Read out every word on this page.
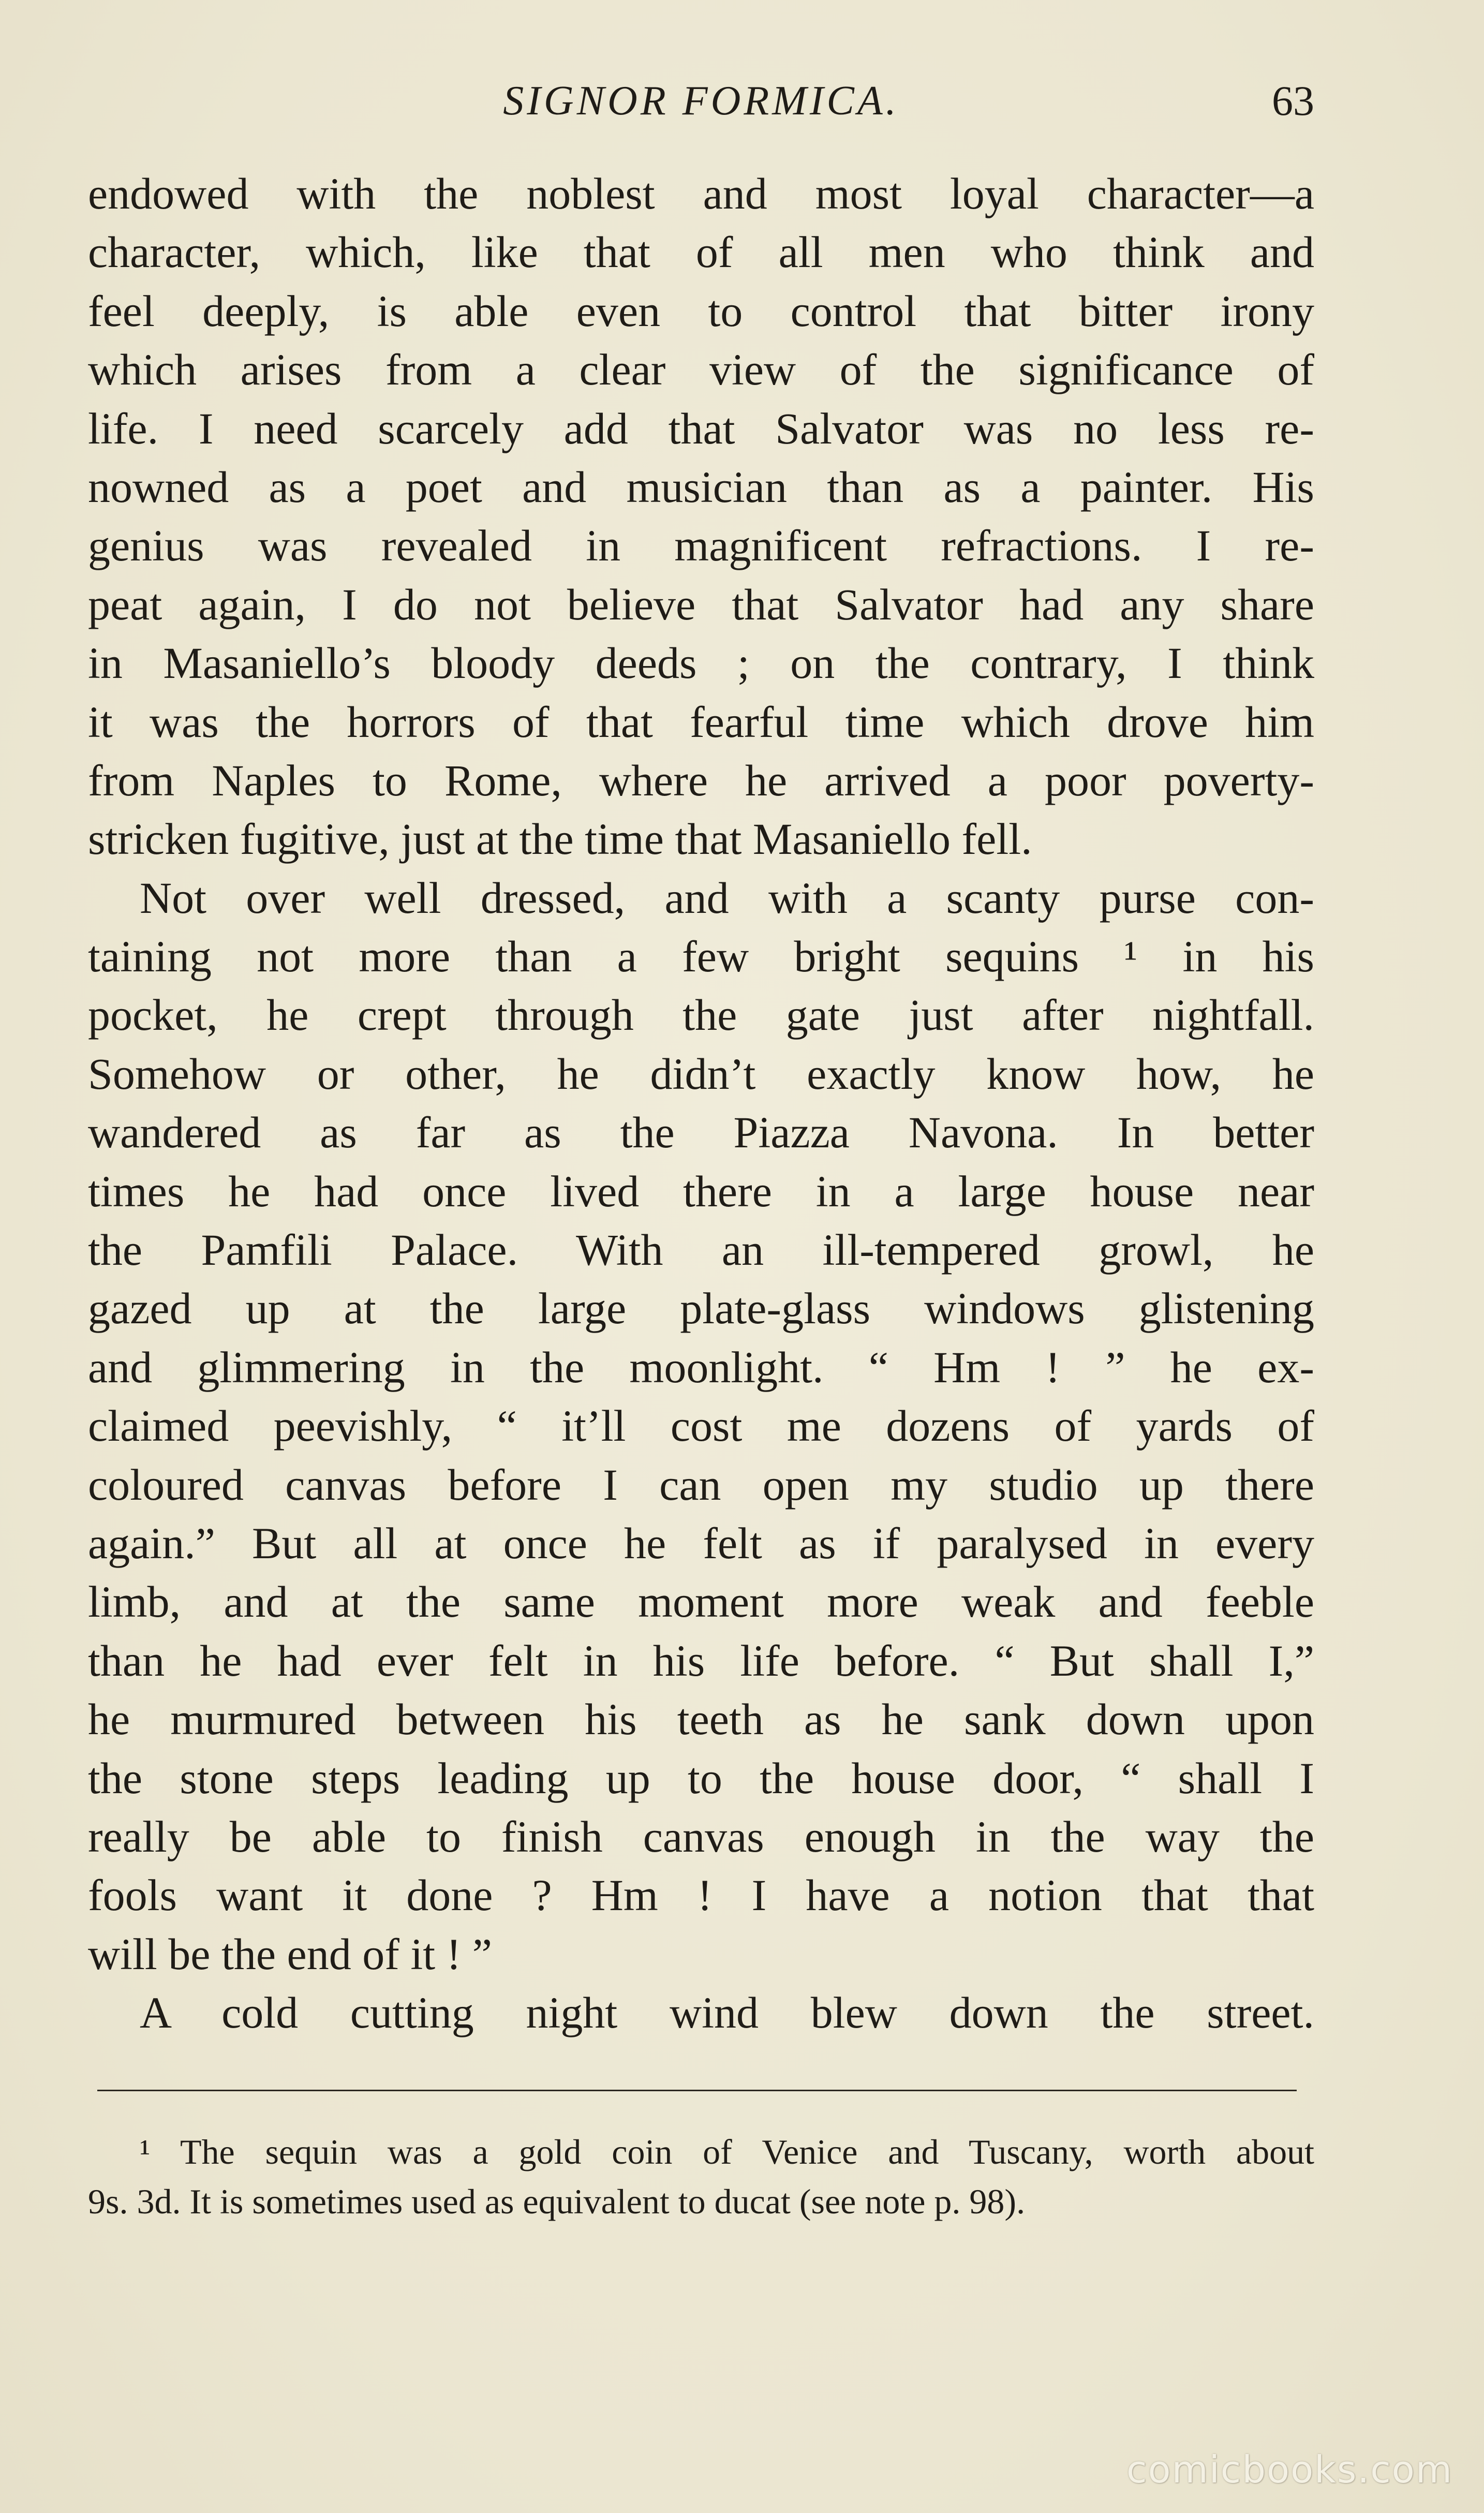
SIGNOR FORMICA.	63
endowed with the noblest and most loyal character—a
character, which, like that of all men who think and
feel deeply, is able even to control that bitter irony
which arises from a clear view of the significance of
life. I need scarcely add that Salvator was no less re-
nowned as a poet and musician than as a painter. His
genius was revealed in magnificent refractions. I re-
peat again, I do not believe that Salvator had any share
in Masaniello’s bloody deeds ; on the contrary, I think
it was the horrors of that fearful time which drove him
from Naples to Rome, where he arrived a poor poverty-
stricken fugitive, just at the time that Masaniello fell.
Not over well dressed, and with a scanty purse con-
taining not more than a few bright sequins ¹ in his
pocket, he crept through the gate just after nightfall.
Somehow or other, he didn’t exactly know how, he
wandered as far as the Piazza Navona. In better
times he had once lived there in a large house near
the Pamfili Palace. With an ill-tempered growl, he
gazed up at the large plate-glass windows glistening
and glimmering in the moonlight. “ Hm ! ” he ex-
claimed peevishly, “ it’ll cost me dozens of yards of
coloured canvas before I can open my studio up there
again.” But all at once he felt as if paralysed in every
limb, and at the same moment more weak and feeble
than he had ever felt in his life before. “ But shall I,”
he murmured between his teeth as he sank down upon
the stone steps leading up to the house door, “ shall I
really be able to finish canvas enough in the way the
fools want it done ? Hm ! I have a notion that that
will be the end of it ! ”
A cold cutting night wind blew down the street.
¹ The sequin was a gold coin of Venice and Tuscany, worth about
9s. 3d. It is sometimes used as equivalent to ducat (see note p. 98).
comicbooks.com
